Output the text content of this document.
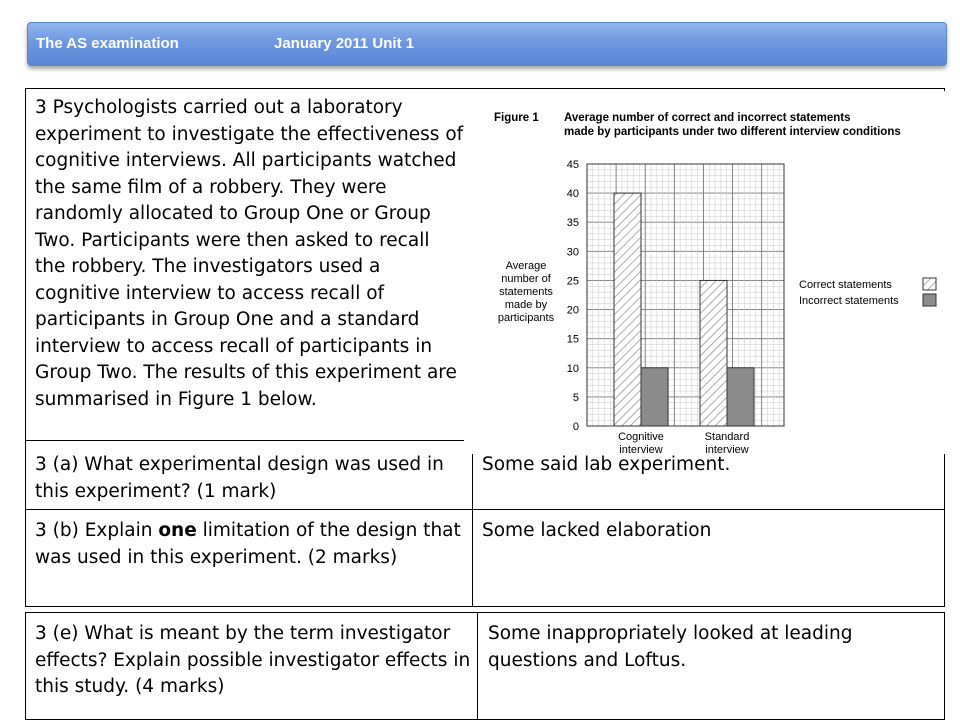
The AS examination	January 2011 Unit 1

3 Psychologists carried out a laboratory experiment to investigate the effectiveness of cognitive interviews. All participants watched the same film of a robbery. They were randomly allocated to Group One or Group Two. Participants were then asked to recall the robbery. The investigators used a cognitive interview to access recall of participants in Group One and a standard interview to access recall of participants in Group Two. The results of this experiment are summarised in Figure 1 below.

3 (a) What experimental design was used in this experiment? (1 mark)

Some said lab experiment.

3 (b) Explain one limitation of the design that was used in this experiment. (2 marks)

Some lacked elaboration

3 (e) What is meant by the term investigator effects? Explain possible investigator effects in this study. (4 marks)

Some inappropriately looked at leading questions and Loftus.

Figure 1 Average number of correct and incorrect statements
made by participants under two different interview conditions
0
5
10
15
20
25
30
35
40
45
Cognitive
interview
Standard
interview
Average
number of
statements
made by
participants
Correct statements
Incorrect statements
